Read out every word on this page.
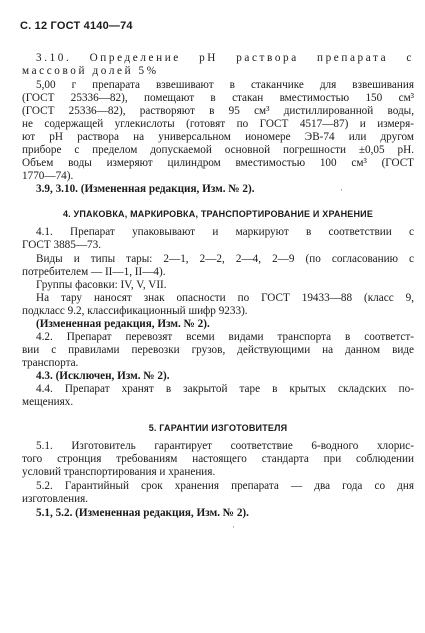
С. 12 ГОСТ 4140—74
3.10. Определение pH раствора препарата с
массовой долей 5%
5,00 г препарата взвешивают в стаканчике для взвешивания
(ГОСТ 25336—82), помещают в стакан вместимостью 150 см³
(ГОСТ 25336—82), растворяют в 95 см³ дистиллированной воды,
не содержащей углекислоты (готовят по ГОСТ 4517—87) и измеря-
ют pH раствора на универсальном иономере ЭВ-74 или другом
приборе с пределом допускаемой основной погрешности ±0,05 pH.
Объем воды измеряют цилиндром вместимостью 100 см³ (ГОСТ
1770—74).
3.9, 3.10. (Измененная редакция, Изм. № 2).	·
4. УПАКОВКА, МАРКИРОВКА, ТРАНСПОРТИРОВАНИЕ И ХРАНЕНИЕ
4.1. Препарат упаковывают и маркируют в соответствии с
ГОСТ 3885—73.
Виды и типы тары: 2—1, 2—2, 2—4, 2—9 (по согласованию с
потребителем — II—1, II—4).
Группы фасовки: IV, V, VII.
На тару наносят знак опасности по ГОСТ 19433—88 (класс 9,
подкласс 9.2, классификационный шифр 9233).
(Измененная редакция, Изм. № 2).
4.2. Препарат перевозят всеми видами транспорта в соответст-
вии с правилами перевозки грузов, действующими на данном виде
транспорта.
4.3. (Исключен, Изм. № 2).
4.4. Препарат хранят в закрытой таре в крытых складских по-
мещениях.
5. ГАРАНТИИ ИЗГОТОВИТЕЛЯ
5.1. Изготовитель гарантирует соответствие 6-водного хлорис-
того стронция требованиям настоящего стандарта при соблюдении
условий транспортирования и хранения.
5.2. Гарантийный срок хранения препарата — два года со дня
изготовления.
5.1, 5.2. (Измененная редакция, Изм. № 2).
·
